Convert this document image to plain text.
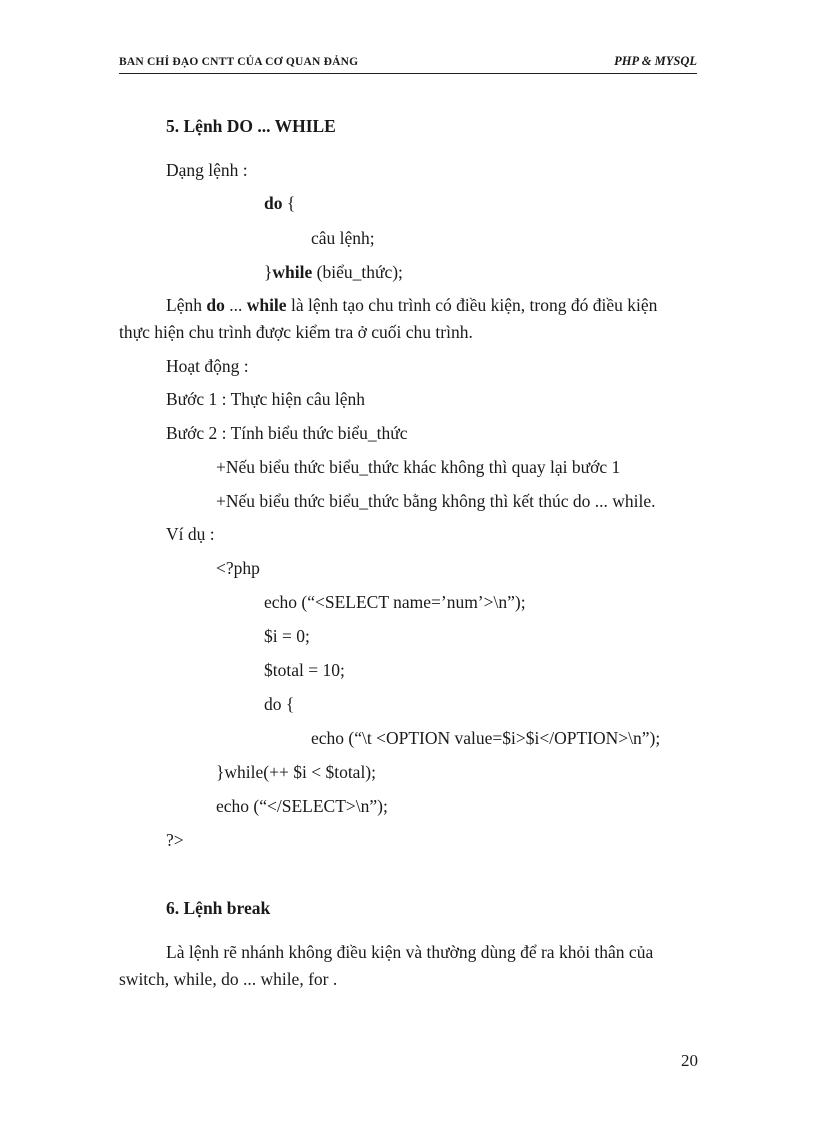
BAN CHỈ ĐẠO CNTT CỦA CƠ QUAN ĐẢNG	PHP & MYSQL
5. Lệnh DO ... WHILE
Dạng lệnh :
do {
câu lệnh;
}while (biểu_thức);
Lệnh do ... while là lệnh tạo chu trình có điều kiện, trong đó điều kiện
thực hiện chu trình được kiểm tra ở cuối chu trình.
Hoạt động :
Bước 1 : Thực hiện câu lệnh
Bước 2 : Tính biểu thức biểu_thức
+Nếu biểu thức biểu_thức khác không thì quay lại bước 1
+Nếu biểu thức biểu_thức bằng không thì kết thúc do ... while.
Ví dụ :
<?php
echo (“<SELECT name=’num’>\n”);
$i = 0;
$total = 10;
do {
echo (“\t <OPTION value=$i>$i</OPTION>\n”);
}while(++ $i < $total);
echo (“</SELECT>\n”);
?>
6. Lệnh break
Là lệnh rẽ nhánh không điều kiện và thường dùng để ra khỏi thân của
switch, while, do ... while, for .
20
